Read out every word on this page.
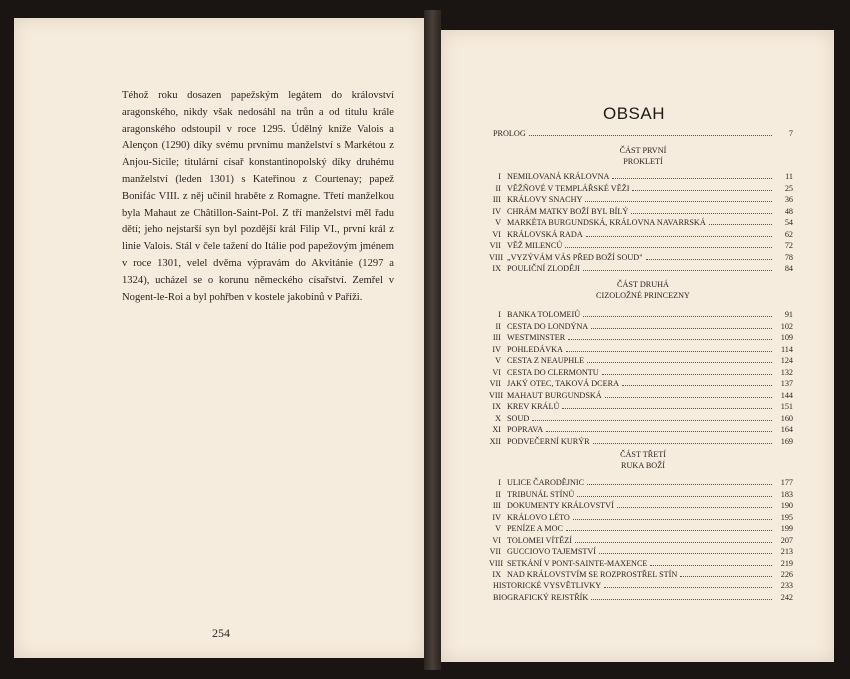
Téhož roku dosazen papežským legátem do království aragonského, nikdy však nedosáhl na trůn a od titulu krále aragonského odstoupil v roce 1295. Údělný kníže Valois a Alençon (1290) díky svému prvnímu manželství s Markétou z Anjou-Sicile; titulární císař konstantinopolský díky druhému manželství (leden 1301) s Kateřinou z Courtenay; papež Bonifác VIII. z něj učinil hraběte z Romagne. Třetí manželkou byla Mahaut ze Châtillon-Saint-Pol. Z tří manželství měl řadu dětí; jeho nejstarší syn byl pozdější král Filip VI., první král z linie Valois. Stál v čele tažení do Itálie pod papežovým jménem v roce 1301, velel dvěma výpravám do Akvitánie (1297 a 1324), ucházel se o korunu německého císařství. Zemřel v Nogent-le-Roi a byl pohřben v kostele jakobínů v Paříži.
254
OBSAH
PROLOG	7
ČÁST PRVNÍ
PROKLETÍ
I NEMILOVANÁ KRÁLOVNA	11
II VĚŽŇOVÉ V TEMPLÁŘSKÉ VĚŽI	25
III KRÁLOVY SNACHY	36
IV CHRÁM MATKY BOŽÍ BYL BÍLÝ	48
V MARKÉTA BURGUNDSKÁ, KRÁLOVNA NAVARRSKÁ	54
VI KRÁLOVSKÁ RADA	62
VII VĚŽ MILENCŮ	72
VIII „VYZÝVÁM VÁS PŘED BOŽÍ SOUD"	78
IX POULIČNÍ ZLODĚJI	84
ČÁST DRUHÁ
CIZOLOŽNÉ PRINCEZNY
I BANKA TOLOMEIŮ	91
II CESTA DO LONDÝNA	102
III WESTMINSTER	109
IV POHLEDÁVKA	114
V CESTA Z NEAUPHLE	124
VI CESTA DO CLERMONTU	132
VII JAKÝ OTEC, TAKOVÁ DCERA	137
VIII MAHAUT BURGUNDSKÁ	144
IX KREV KRÁLŮ	151
X SOUD	160
XI POPRAVA	164
XII PODVEČERNÍ KURÝR	169
ČÁST TŘETÍ
RUKA BOŽÍ
I ULICE ČARODĚJNIC	177
II TRIBUNÁL STÍNŮ	183
III DOKUMENTY KRÁLOVSTVÍ	190
IV KRÁLOVO LÉTO	195
V PENÍZE A MOC	199
VI TOLOMEI VÍTĚZÍ	207
VII GUCCIOVO TAJEMSTVÍ	213
VIII SETKÁNÍ V PONT-SAINTE-MAXENCE	219
IX NAD KRÁLOVSTVÍM SE ROZPROSTŘEL STÍN	226
HISTORICKÉ VYSVĚTLIVKY	233
BIOGRAFICKÝ REJSTŘÍK	242
